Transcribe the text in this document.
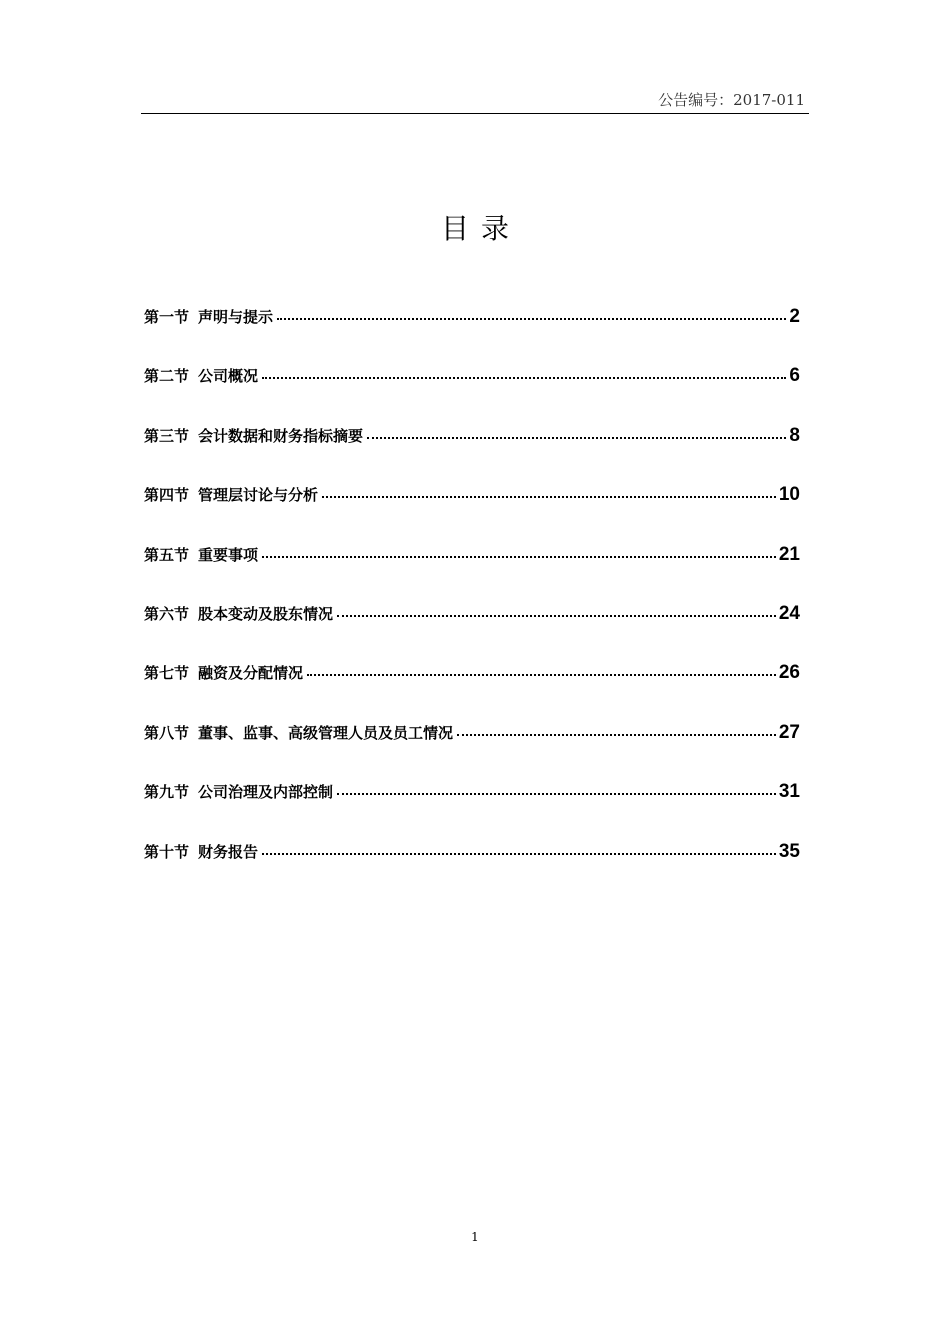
公告编号：2017-011
目录
第一节 声明与提示	2
第二节 公司概况	6
第三节 会计数据和财务指标摘要	8
第四节 管理层讨论与分析	10
第五节 重要事项	21
第六节 股本变动及股东情况	24
第七节 融资及分配情况	26
第八节 董事、监事、高级管理人员及员工情况	27
第九节 公司治理及内部控制	31
第十节 财务报告	35
1
